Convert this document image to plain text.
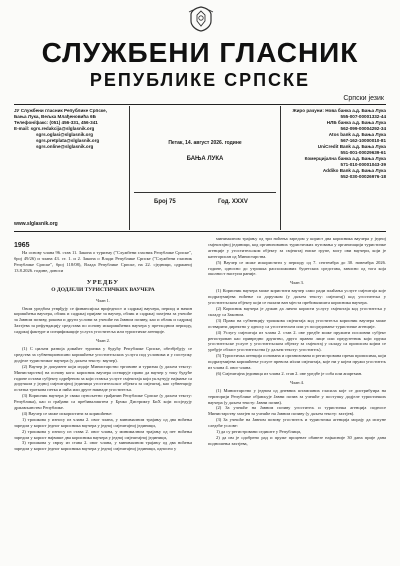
СЛУЖБЕНИ ГЛАСНИК
РЕПУБЛИКЕ СРПСКЕ
Српски језик
ЈУ Службени гласник Републике Српске,
Бања Лука, Вељка Млађеновића 6Б
Телефон/факс: (051) 456-331, 456-341
E-mail: sgrs.redakcija@slglasnik.org
sgrs.oglasi@slglasnik.org
sgrs.pretplata@slglasnik.org
sgrs.online@slglasnik.org
www.slglasnik.org
Петак, 14. август 2026. године
БАЊА ЛУКА
Број 75	Год. XXXV
Жиро рачуни: Нова банка а.д. Бања Лука
555-007-00001332-44
НЛБ банка а.д. Бања Лука
562-099-00004292-34
Atos bank а.д. Бања Лука
567-162-10000010-81
UniCredit Bank а.д. Бања Лука
551-001-00029639-61
Комерцијална банка а.д. Бања Лука
571-010-00001043-39
Addiko Bank а.д. Бања Лука
552-030-00026976-18
1965
На основу члана 96. став 11. Закона о туризму ("Службени гласник Републике Српске", број 49/26) и члана 43. ст. 1. и 2. Закона о Влади Републике Српске ("Службени гласник Републике Српске", број 118/08), Влада Републике Српске, на 22. сједници, одржаној 13.8.2026. године, доноси
УРЕДБУ
О ДОДЈЕЛИ ТУРИСТИЧКИХ ВАУЧЕРА

Члан 1.

Овом уредбом утврђују се финансијска вриједност и садржај ваучера, период и начин коришћења ваучера, облик и садржај пријаве за ваучер, облик и садржај захтјева за учешће за Јавном позиву, рокови и други услови за учешће на Јавном позиву, као и облик и садржај Захтјева за рефундацију средстава по основу искоришћених ваучера у претходном периоду, садржај фактуре и спецификације услуга угоститеља или туристичке агенције.

Члан 2.

(1) С циљем развоја домаћег туризма у будућу Републике Српске, обезбјеђују се средства за субвенционисано коришћење угоститељских услуга под условима и у поступку додјеле туристичког ваучера (у даљем тексту: ваучер).

(2) Ваучер је документ који издаје Министарство трговине и туризма (у даљем тексту: Министарство) на основу кога: корисник ваучера остварује право да ваучер у току будуће године остави субјекту одређеном за који ставља услуге смјештаја који укључују најмање са доручком у једној смјештајној јединици угоститељског објекта за смјештај, као субвенцију остатка троткова петка и пића или друге накнаде угоститеља.

(3) Корисник ваучера је свако пунољетно грађанин Републике Српске (у даљем тексту: Република), као и грађани са пребивалиштем у Брчко Дистрикту БиХ који посједују држављанство Републике.

(4) Ваучер се може искористити за коришћење:

1) трошкова у износу из члана 2. овог члана, у минималном трајању од два ноћења заредом у корист једног корисника ваучера у једној смјештајној јединици,

2) трошкова у износу из става 2. овог члана, у минималном трајању од пет ноћења заредом у корист највише два корисника ваучера у једној смјештајној јединици,

3) трошкова у сврху из става 2. овог члана, у минималном трајању од два ноћења заредом у корист једног корисника ваучера у једној смјештајној јединици, односно у

минималном трајању од три ноћења заредом у корист два корисника ваучера у једној смјештајној јединици, код организованих туристичких путовања у организацији туристичке агенције у угоститељском објекту за смјештај ниске групе, могу ови ваучери, који је категорисан од Министарства.

(5) Ваучер се може искористити у периоду од 7. септембра до 30. новембра 2026. године, односно до утрошка расположивих буџетских средстава, зависно од тога која околност наступи раније.

Члан 3.

(1) Корисник ваучера може користити ваучер само ради плаћања услуге смјештаја које подразумијева ноћење са доручком (у даљем тексту: смјештај) код угоститеља у угоститељском објекту који се налази ван мјеста пребивалишта корисника ваучера.

(2) Корисник ваучера је дужан да лично користи услугу смјештаја код угоститеља у складу са Законом.

(3) Право на субвенцију трошкова смјештаја код угоститеља корисник ваучера може остварити директно у односу са угоститељем или уз посредовање туристичке агенције.

(4) Услугу смјештаја из члана 2. став 2. ове уредбе може пружити пословни субјект регистрован као привредно друштво, друго правно лице или предузетник који пружа угоститељске услуге у угоститељском објекту за смјештај у складу са прописом којим се уређује област угоститељства (у даљем тексту: угоститељ).

(5) Туристичка агенција основана и организована и регистрована према прописима, који подразумијева коришћење услуге превоза и/или смјештаја, које ни у којем пружи угоститељ из члана 4. овог члана.

(6) Смјештајна јединица из члана 2. став 2. ове уредбе је соба или апартман.

Члан 4.

(1) Министарство у једном од дневних штампаних гласила које се дистрибуира на територији Републике објављује Јавни позив за учешће у поступку додјеле туристичких ваучера (у даљем тексту: Јавни позив).

(2) За учешће на Јавном позиву угоститељ и туристичка агенција подносе Министарству захтјев за учешће на Јавном позиву (у даљем тексту: захтјев).

(3) За учешће на Јавном позиву угоститељ и туристичка агенција морају да испуне следеће услове:

1) да су регистровани седиште у Републици,

2) да им је одобрено рад и пруже проценат обавезе најкасније 30 дана прије дана подношења захтјева,
